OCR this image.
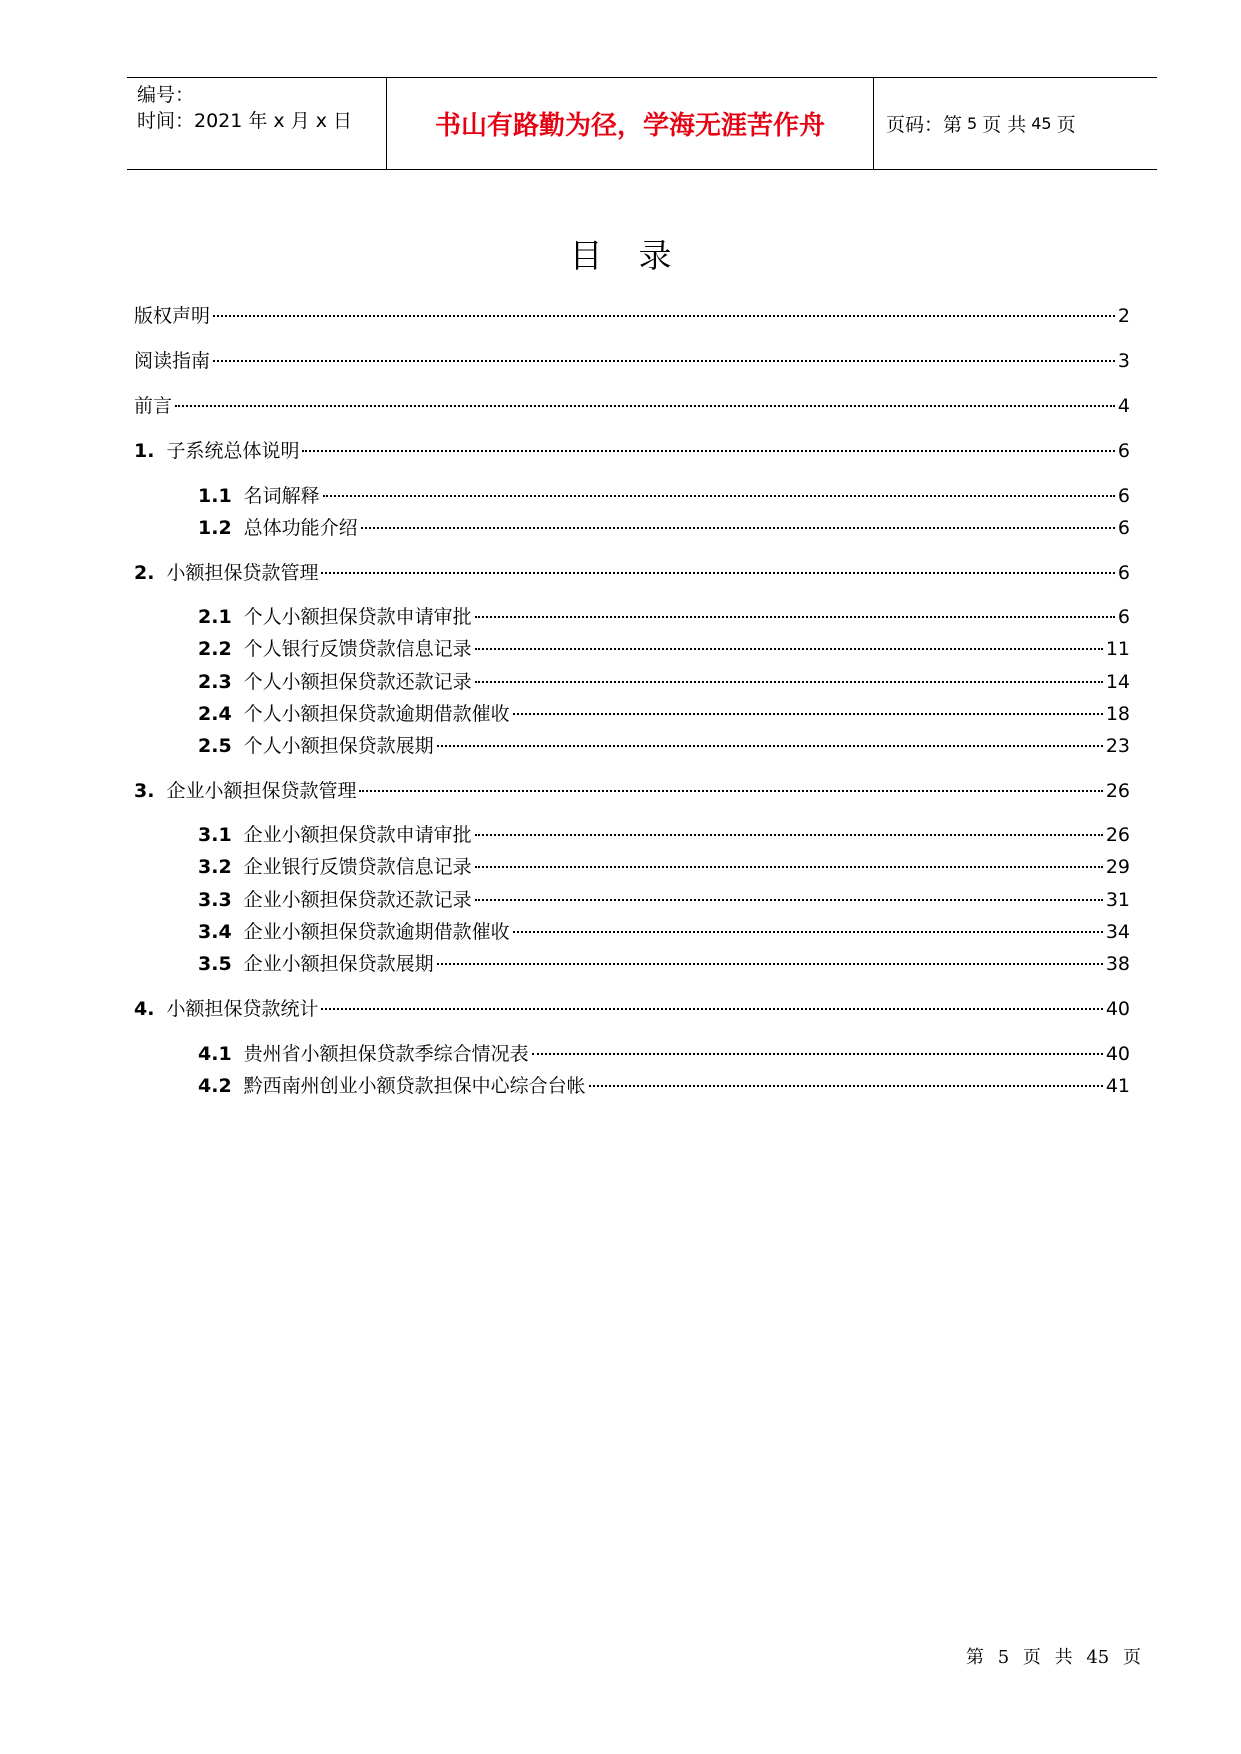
编号：
时间：2021 年 x 月 x 日	书山有路勤为径，学海无涯苦作舟	页码：第 5 页 共 45 页
目录
版权声明	2
阅读指南	3
前言	4
1. 子系统总体说明	6
1.1 名词解释	6
1.2 总体功能介绍	6
2. 小额担保贷款管理	6
2.1 个人小额担保贷款申请审批	6
2.2 个人银行反馈贷款信息记录	11
2.3 个人小额担保贷款还款记录	14
2.4 个人小额担保贷款逾期借款催收	18
2.5 个人小额担保贷款展期	23
3. 企业小额担保贷款管理	26
3.1 企业小额担保贷款申请审批	26
3.2 企业银行反馈贷款信息记录	29
3.3 企业小额担保贷款还款记录	31
3.4 企业小额担保贷款逾期借款催收	34
3.5 企业小额担保贷款展期	38
4. 小额担保贷款统计	40
4.1 贵州省小额担保贷款季综合情况表	40
4.2 黔西南州创业小额贷款担保中心综合台帐	41
第 5 页 共 45 页
